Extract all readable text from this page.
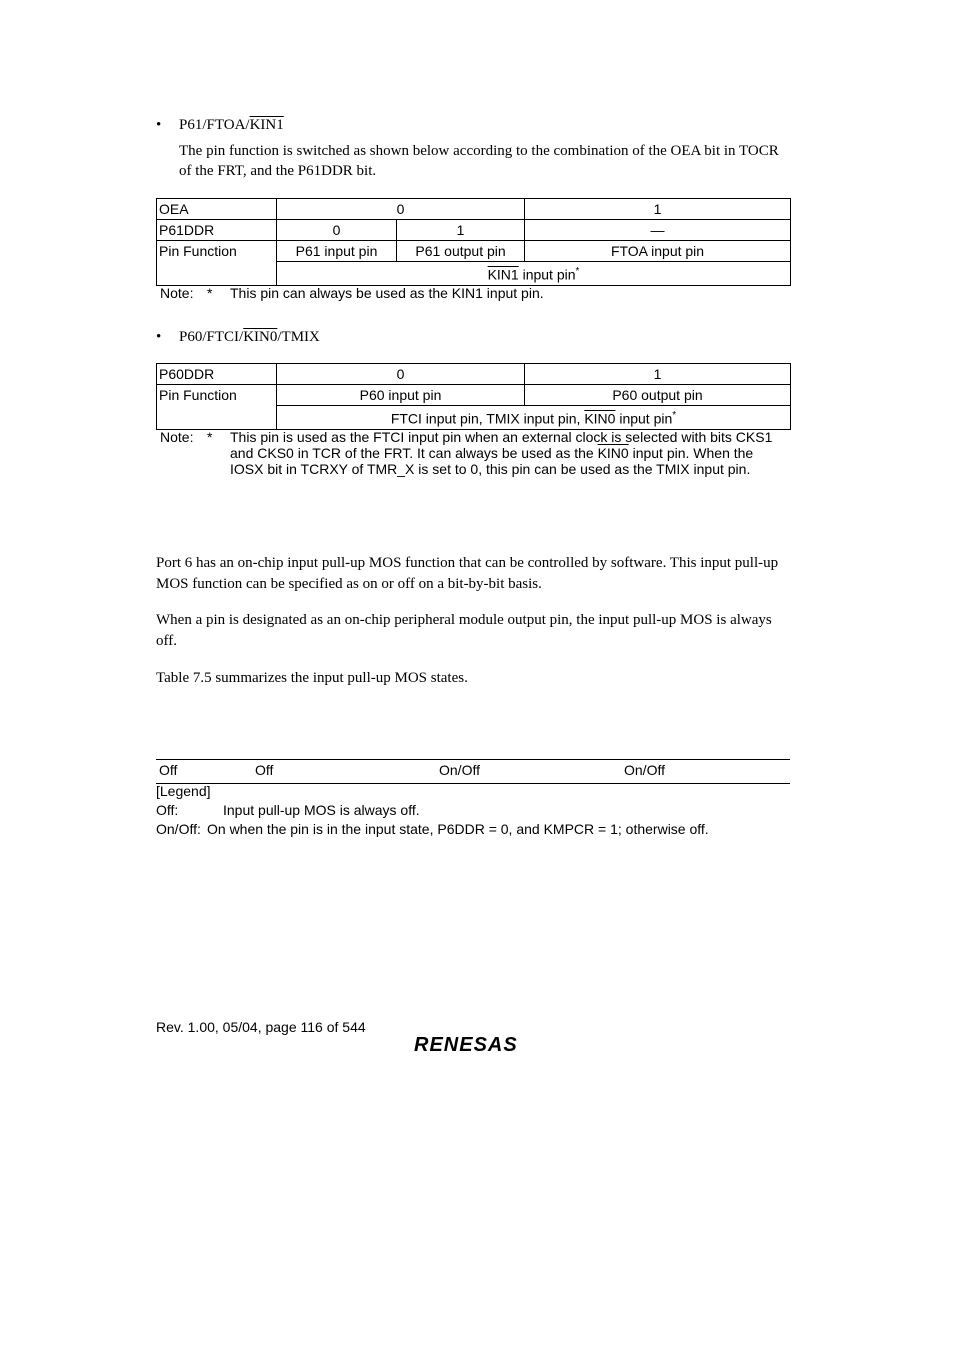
• P61/FTOA/KIN1
The pin function is switched as shown below according to the combination of the OEA bit in TOCR of the FRT, and the P61DDR bit.
OEA	0		1
P61DDR	0	1	—
Pin Function	P61 input pin	P61 output pin	FTOA input pin
	KIN1 input pin*
Note: * This pin can always be used as the KIN1 input pin.
• P60/FTCI/KIN0/TMIX
P60DDR	0	1
Pin Function	P60 input pin	P60 output pin
	FTCI input pin, TMIX input pin, KIN0 input pin*
Note: * This pin is used as the FTCI input pin when an external clock is selected with bits CKS1
and CKS0 in TCR of the FRT. It can always be used as the KIN0 input pin. When the
IOSX bit in TCRXY of TMR_X is set to 0, this pin can be used as the TMIX input pin.
Port 6 has an on-chip input pull-up MOS function that can be controlled by software. This input pull-up MOS function can be specified as on or off on a bit-by-bit basis.
When a pin is designated as an on-chip peripheral module output pin, the input pull-up MOS is always off.
Table 7.5 summarizes the input pull-up MOS states.
Off	Off	On/Off	On/Off
[Legend]
Off:	Input pull-up MOS is always off.
On/Off: On when the pin is in the input state, P6DDR = 0, and KMPCR = 1; otherwise off.
Rev. 1.00, 05/04, page 116 of 544
RENESAS
